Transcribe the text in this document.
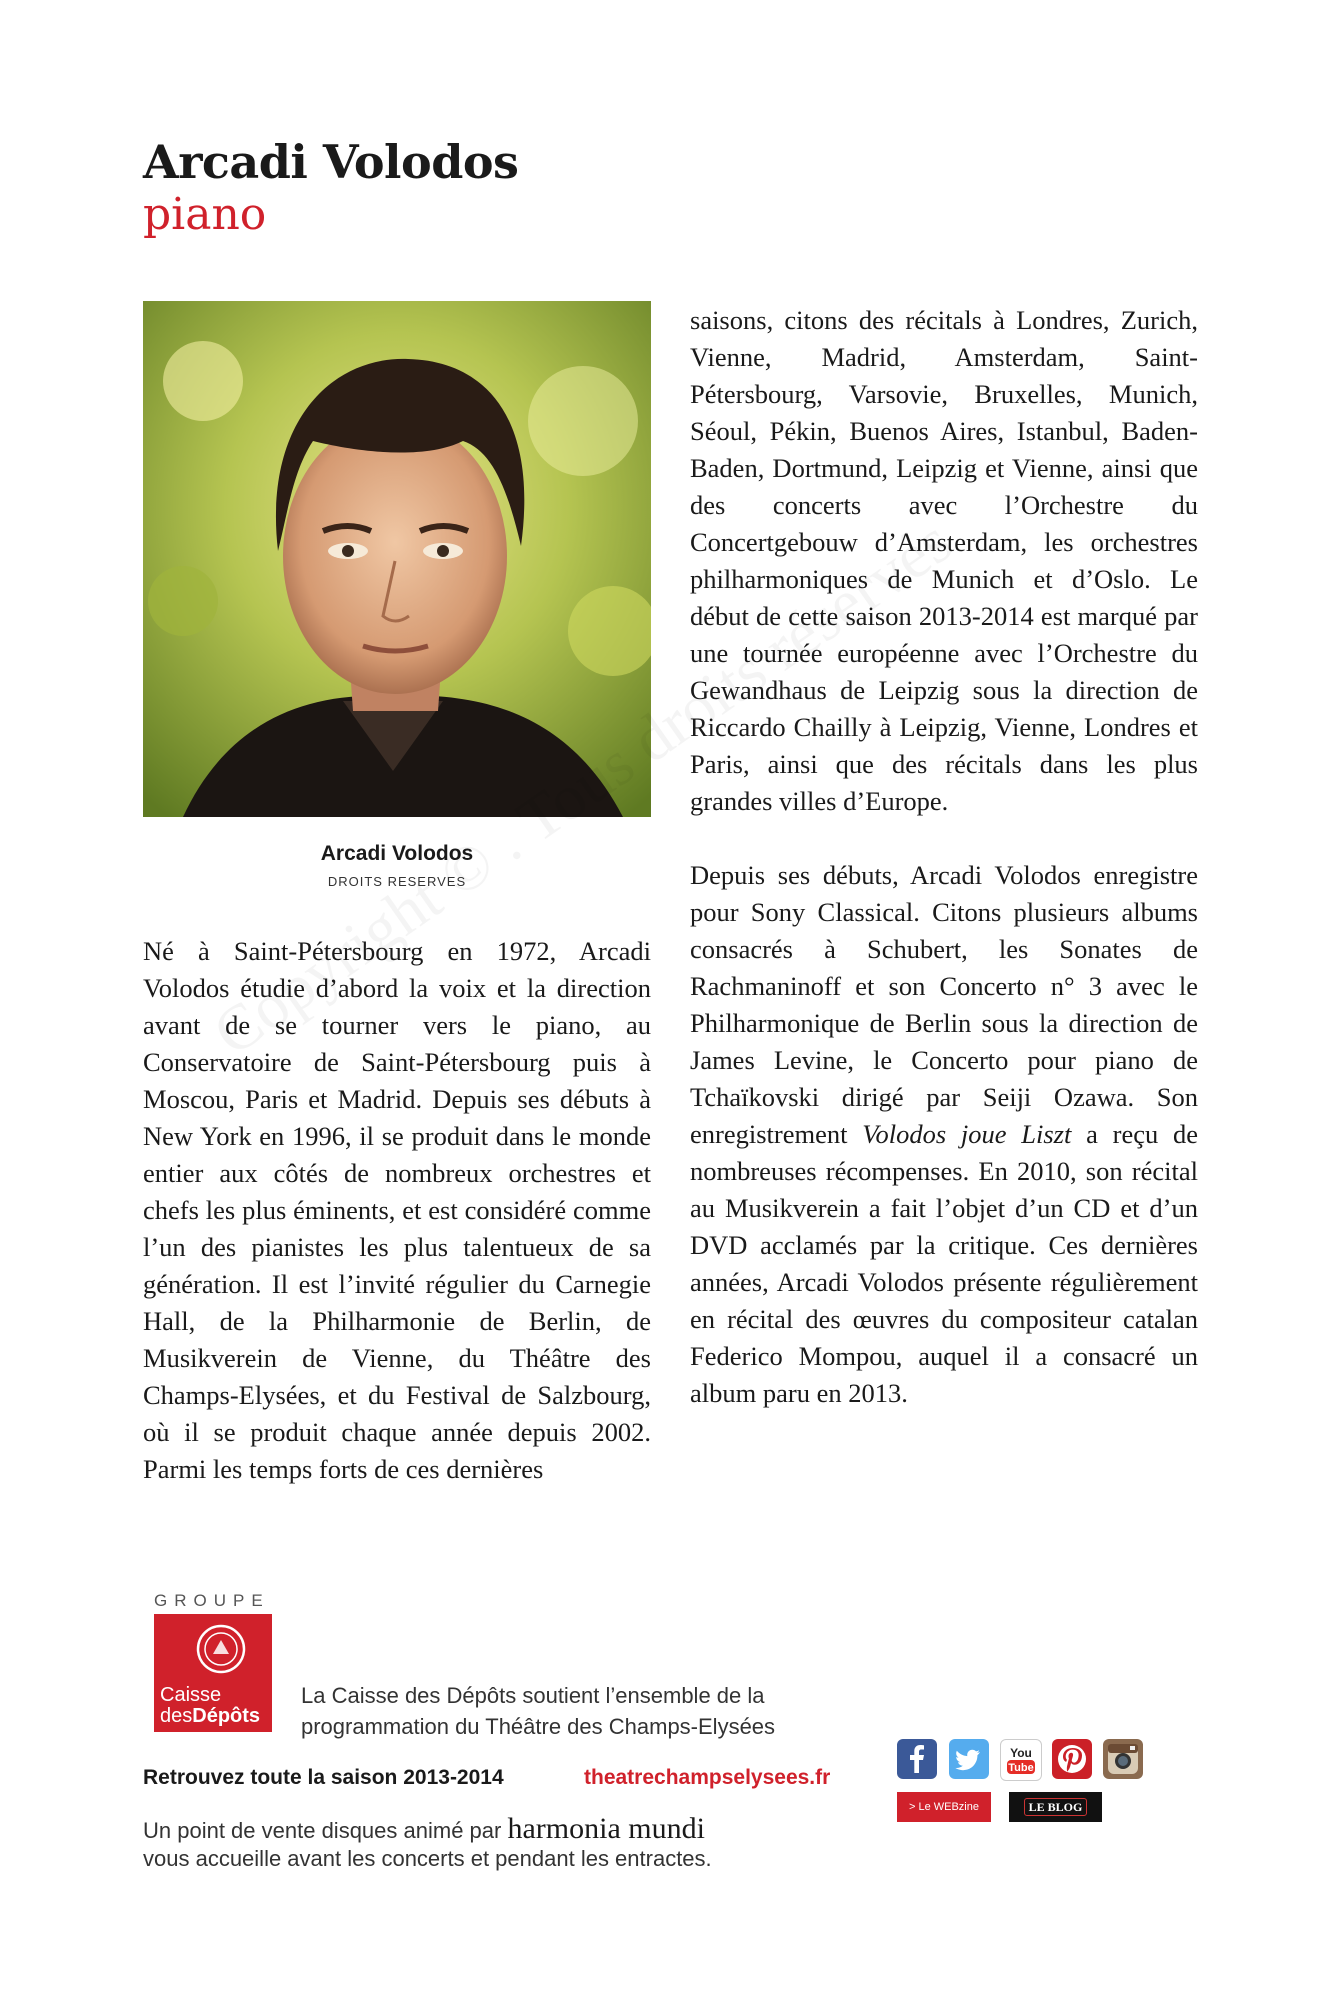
Arcadi Volodos
piano
Arcadi Volodos
DROITS RESERVES

Né à Saint-Pétersbourg en 1972, Arcadi Volodos étudie d’abord la voix et la direction avant de se tourner vers le piano, au Conservatoire de Saint-Pétersbourg puis à Moscou, Paris et Madrid. Depuis ses débuts à New York en 1996, il se produit dans le monde entier aux côtés de nombreux orchestres et chefs les plus éminents, et est considéré comme l’un des pianistes les plus talentueux de sa génération. Il est l’invité régulier du Carnegie Hall, de la Philharmonie de Berlin, de Musikverein de Vienne, du Théâtre des Champs-Elysées, et du Festival de Salzbourg, où il se produit chaque année depuis 2002. Parmi les temps forts de ces dernières

saisons, citons des récitals à Londres, Zurich, Vienne, Madrid, Amsterdam, Saint-Pétersbourg, Varsovie, Bruxelles, Munich, Séoul, Pékin, Buenos Aires, Istanbul, Baden-Baden, Dortmund, Leipzig et Vienne, ainsi que des concerts avec l’Orchestre du Concertgebouw d’Amsterdam, les orchestres philharmoniques de Munich et d’Oslo. Le début de cette saison 2013-2014 est marqué par une tournée européenne avec l’Orchestre du Gewandhaus de Leipzig sous la direction de Riccardo Chailly à Leipzig, Vienne, Londres et Paris, ainsi que des récitals dans les plus grandes villes d’Europe.

Depuis ses débuts, Arcadi Volodos enregistre pour Sony Classical. Citons plusieurs albums consacrés à Schubert, les Sonates de Rachmaninoff et son Concerto n° 3 avec le Philharmonique de Berlin sous la direction de James Levine, le Concerto pour piano de Tchaïkovski dirigé par Seiji Ozawa. Son enregistrement Volodos joue Liszt a reçu de nombreuses récompenses. En 2010, son récital au Musikverein a fait l’objet d’un CD et d’un DVD acclamés par la critique. Ces dernières années, Arcadi Volodos présente régulièrement en récital des œuvres du compositeur catalan Federico Mompou, auquel il a consacré un album paru en 2013.

GROUPE
Caisse
desDépôts
La Caisse des Dépôts soutient l’ensemble de la
programmation du Théâtre des Champs-Elysées
Retrouvez toute la saison 2013-2014	theatrechampselysees.fr
Un point de vente disques animé par harmonia mundi
vous accueille avant les concerts et pendant les entractes.
You
Tube
> Le WEBzine	LE BLOG
